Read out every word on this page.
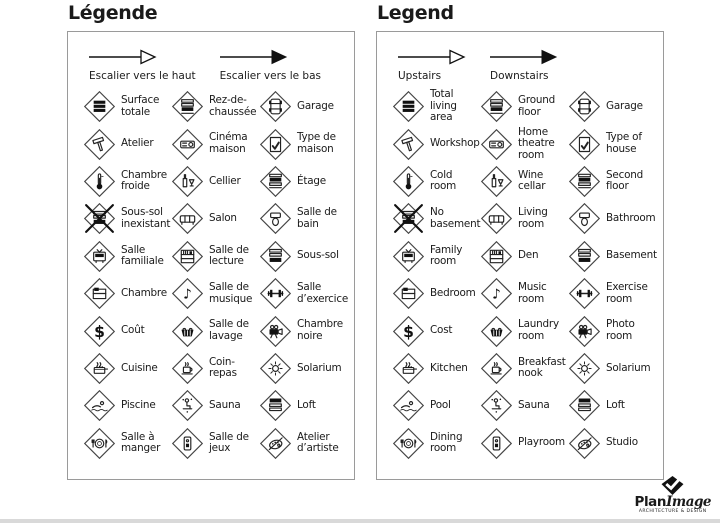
Légende
Escalier vers le haut Escalier vers le bas
Surface totale
Rez-de-chaussée	Garage
Atelier	Cinéma maison
Type de maison
Chambre froide	Cellier	Étage
Sous-sol inexistant	Salon	Salle de bain
Salle familiale
Salle de lecture	Sous-sol
Chambre ♪ Salle de musique
Salle d’exercice
$ Coût	Salle de lavage
Chambre noire
Cuisine	Coin-repas	Solarium
Piscine	Sauna	Loft
Salle à manger
Salle de jeux
Atelier d’artiste
Legend
Upstairs	Downstairs
Total living area
Ground floor	Garage
Workshop
Home theatre room
Type of house
Cold room
Wine cellar
Second floor
No basement
Living room	Bathroom
Family room	Den	Basement
Bedroom	♪ Music room
Exercise room
$ Cost	Laundry room
Photo room
Kitchen	Breakfast nook	Solarium
Pool	Sauna	Loft
Dining room	Playroom	Studio
PlanImage
ARCHITECTURE & DESIGN
